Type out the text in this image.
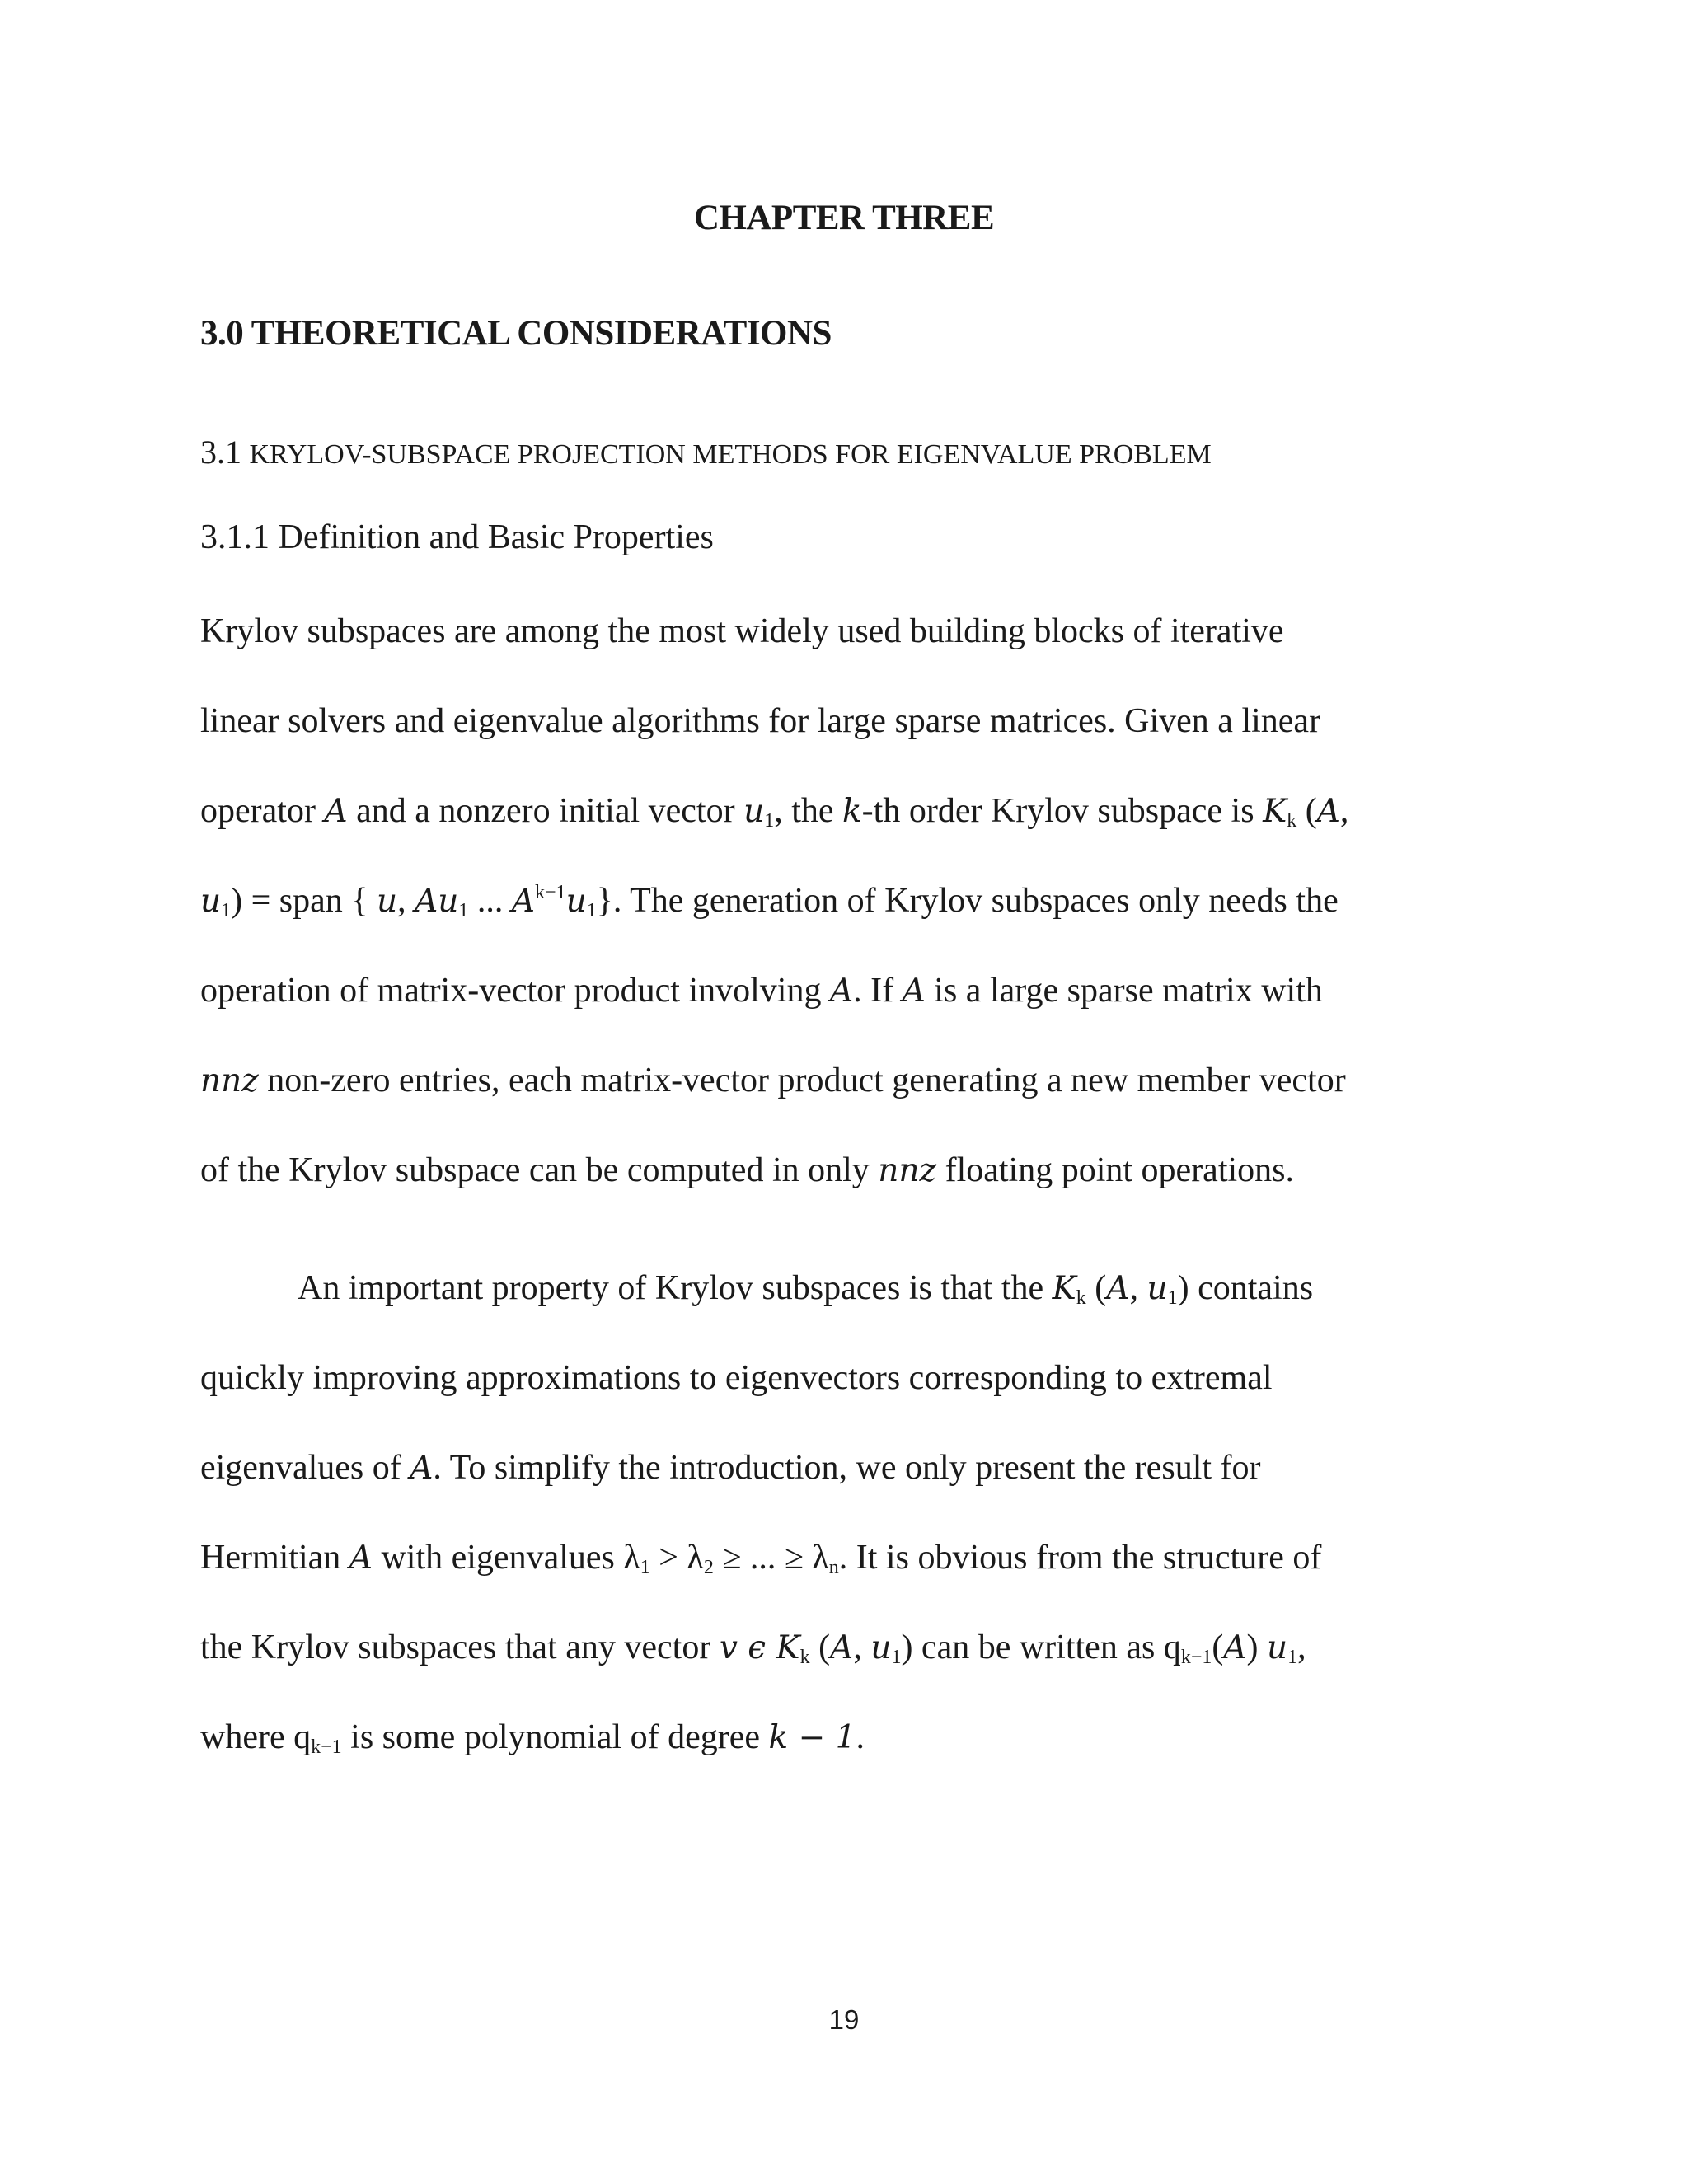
CHAPTER THREE
3.0 THEORETICAL CONSIDERATIONS
3.1 KRYLOV-SUBSPACE PROJECTION METHODS FOR EIGENVALUE PROBLEM
3.1.1 Definition and Basic Properties
Krylov subspaces are among the most widely used building blocks of iterative
linear solvers and eigenvalue algorithms for large sparse matrices. Given a linear
operator A and a nonzero initial vector $u_1$, the k-th order Krylov subspace is $K_k$ (A,
$u_1$) = span { u, $Au_1$ ... $A^{k-1}u_1$}. The generation of Krylov subspaces only needs the
operation of matrix-vector product involving A. If A is a large sparse matrix with
nnz non-zero entries, each matrix-vector product generating a new member vector
of the Krylov subspace can be computed in only nnz floating point operations.
An important property of Krylov subspaces is that the $K_k$ (A, $u_1$) contains
quickly improving approximations to eigenvectors corresponding to extremal
eigenvalues of A. To simplify the introduction, we only present the result for
Hermitian A with eigenvalues $\lambda_1 > \lambda_2$ ≥ ... ≥ $\lambda_n$. It is obvious from the structure of
the Krylov subspaces that any vector v ϵ $K_k$ (A, $u_1$) can be written as $q_{k-1}(A)$ $u_1$,
where $q_{k-1}$ is some polynomial of degree k − 1.
19
